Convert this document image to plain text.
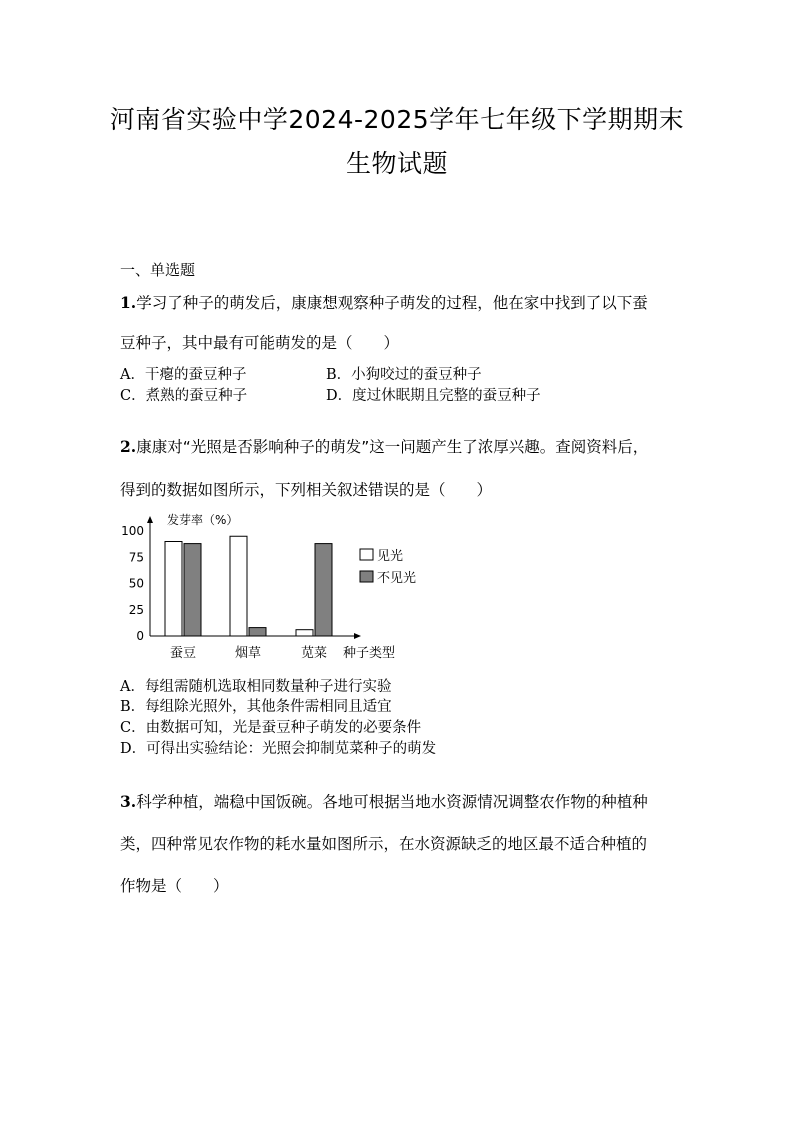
河南省实验中学2024-2025学年七年级下学期期末
生物试题
一、单选题
1.学习了种子的萌发后，康康想观察种子萌发的过程，他在家中找到了以下蚕
豆种子，其中最有可能萌发的是（　　）
A．干瘪的蚕豆种子	B．小狗咬过的蚕豆种子
C．煮熟的蚕豆种子	D．度过休眠期且完整的蚕豆种子
2.康康对“光照是否影响种子的萌发”这一问题产生了浓厚兴趣。查阅资料后，
得到的数据如图所示，下列相关叙述错误的是（　　）
发芽率（%）
100
75
50
25
0
蚕豆	烟草	苋菜 种子类型
见光
不见光
A．每组需随机选取相同数量种子进行实验
B．每组除光照外，其他条件需相同且适宜
C．由数据可知，光是蚕豆种子萌发的必要条件
D．可得出实验结论：光照会抑制苋菜种子的萌发
3.科学种植，端稳中国饭碗。各地可根据当地水资源情况调整农作物的种植种
类，四种常见农作物的耗水量如图所示，在水资源缺乏的地区最不适合种植的
作物是（　　）
